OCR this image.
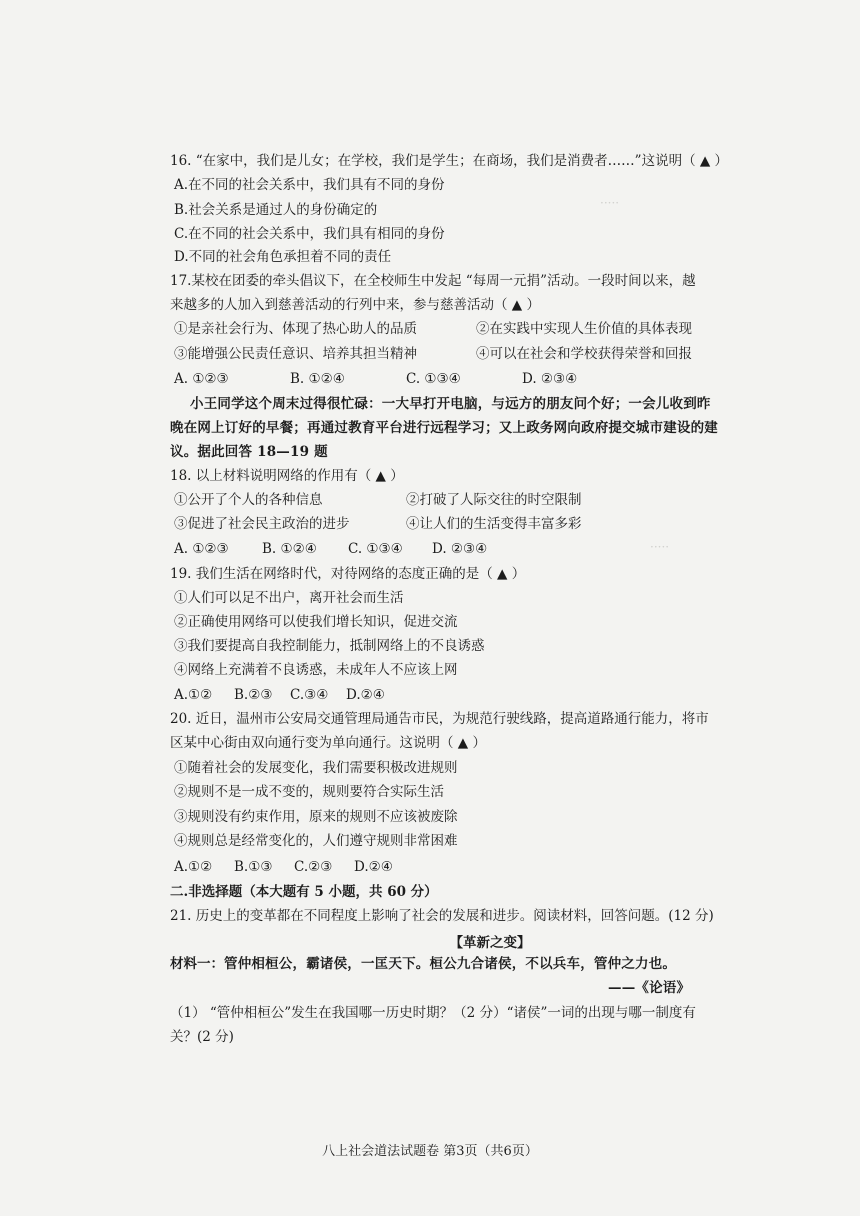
·····
·····
16. “在家中，我们是儿女；在学校，我们是学生；在商场，我们是消费者……”这说明（ ▲ ）
A.在不同的社会关系中，我们具有不同的身份
B.社会关系是通过人的身份确定的
C.在不同的社会关系中，我们具有相同的身份
D.不同的社会角色承担着不同的责任
17.某校在团委的牵头倡议下，在全校师生中发起 “每周一元捐”活动。一段时间以来，越
来越多的人加入到慈善活动的行列中来，参与慈善活动（ ▲ ）
①是亲社会行为、体现了热心助人的品质	②在实践中实现人生价值的具体表现
③能增强公民责任意识、培养其担当精神	④可以在社会和学校获得荣誉和回报
A. ①②③	B. ①②④	C. ①③④	D. ②③④
小王同学这个周末过得很忙碌：一大早打开电脑，与远方的朋友问个好；一会儿收到昨
晚在网上订好的早餐；再通过教育平台进行远程学习；又上政务网向政府提交城市建设的建
议。据此回答 18—19 题
18. 以上材料说明网络的作用有（ ▲ ）
①公开了个人的各种信息	②打破了人际交往的时空限制
③促进了社会民主政治的进步	④让人们的生活变得丰富多彩
A. ①②③ B. ①②④ C. ①③④ D. ②③④
19. 我们生活在网络时代，对待网络的态度正确的是（ ▲ ）
①人们可以足不出户，离开社会而生活
②正确使用网络可以使我们增长知识，促进交流
③我们要提高自我控制能力，抵制网络上的不良诱惑
④网络上充满着不良诱惑，未成年人不应该上网
A.①② B.②③ C.③④ D.②④
20. 近日，温州市公安局交通管理局通告市民，为规范行驶线路，提高道路通行能力，将市
区某中心街由双向通行变为单向通行。这说明（ ▲ ）
①随着社会的发展变化，我们需要积极改进规则
②规则不是一成不变的，规则要符合实际生活
③规则没有约束作用，原来的规则不应该被废除
④规则总是经常变化的，人们遵守规则非常困难
A.①② B.①③ C.②③ D.②④
二.非选择题（本大题有 5 小题，共 60 分）
21. 历史上的变革都在不同程度上影响了社会的发展和进步。阅读材料，回答问题。(12 分)
【革新之变】
材料一：管仲相桓公，霸诸侯，一匡天下。桓公九合诸侯，不以兵车，管仲之力也。
——《论语》
（1） “管仲相桓公”发生在我国哪一历史时期？（2 分）“诸侯”一词的出现与哪一制度有
关？(2 分)
八上社会道法试题卷 第3页（共6页）
